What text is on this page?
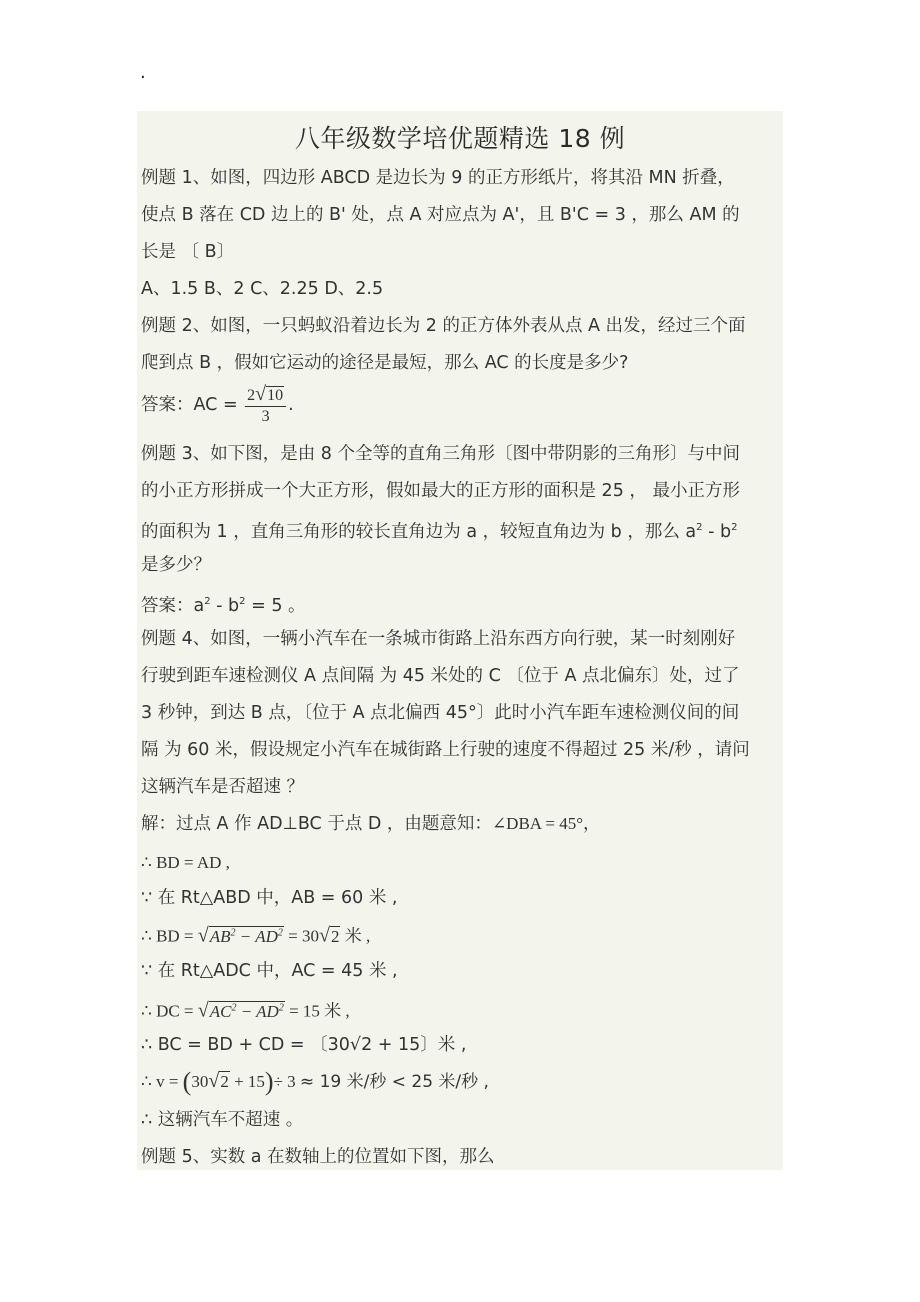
.
八年级数学培优题精选 18 例
例题 1、如图，四边形 ABCD 是边长为 9 的正方形纸片，将其沿 MN 折叠，
使点 B 落在 CD 边上的 B' 处，点 A 对应点为 A'，且 B'C = 3 ，那么 AM 的
长是 〔 B〕
A、1.5 B、2 C、2.25 D、2.5
例题 2、如图，一只蚂蚁沿着边长为 2 的正方体外表从点 A 出发，经过三个面
爬到点 B ，假如它运动的途径是最短，那么 AC 的长度是多少?
答案：AC = $\frac{2√10}{3}$ .
例题 3、如下图，是由 8 个全等的直角三角形〔图中带阴影的三角形〕与中间
的小正方形拼成一个大正方形，假如最大的正方形的面积是 25 ， 最小正方形
的面积为 1 ，直角三角形的较长直角边为 a ，较短直角边为 b ，那么 $a^2 - b^2$
是多少？
答案：$a^2 - b^2 = 5$ 。
例题 4、如图，一辆小汽车在一条城市街路上沿东西方向行驶，某一时刻刚好
行驶到距车速检测仪 A 点间隔 为 45 米处的 C 〔位于 A 点北偏东〕处，过了
3 秒钟，到达 B 点，〔位于 A 点北偏西 45°〕此时小汽车距车速检测仪间的间
隔 为 60 米，假设规定小汽车在城街路上行驶的速度不得超过 25 米/秒 ，请问
这辆汽车是否超速 ？
解：过点 A 作 AD⊥BC 于点 D ，由题意知：∠DBA = 45°，
∴ BD = AD ,
∵ 在 Rt△ABD 中，AB = 60 米 ,
∴ BD = $√AB^2 - AD^2 = 30√2$ 米 ,
∵ 在 Rt△ADC 中，AC = 45 米 ,
∴ DC = $√AC^2 - AD^2 = 15$ 米 ,
∴ BC = BD + CD = 〔30√2 + 15〕米 ,
∴ v = (30√2 + 15)÷ 3 ≈ 19 米/秒 < 25 米/秒 ,
∴ 这辆汽车不超速 。
例题 5、实数 a 在数轴上的位置如下图，那么
